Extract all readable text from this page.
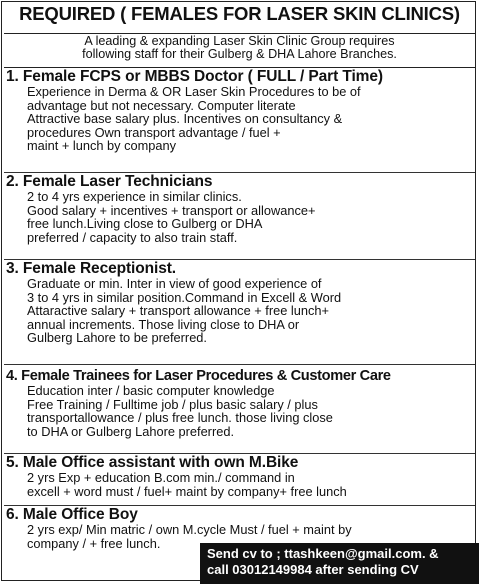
REQUIRED ( FEMALES FOR LASER SKIN CLINICS)
A leading & expanding Laser Skin Clinic Group requires
following staff for their Gulberg & DHA Lahore Branches.
1. Female FCPS or MBBS Doctor ( FULL / Part Time)
Experience in Derma & OR Laser Skin Procedures to be of
advantage but not necessary. Computer literate
Attractive base salary plus. Incentives on consultancy &
procedures Own transport advantage / fuel +
maint + lunch by company
2. Female Laser Technicians
2 to 4 yrs experience in similar clinics.
Good salary + incentives + transport or allowance+
free lunch.Living close to Gulberg or DHA
preferred / capacity to also train staff.
3. Female Receptionist.
Graduate or min. Inter in view of good experience of
3 to 4 yrs in similar position.Command in Excell & Word
Attaractive salary + transport allowance + free lunch+
annual increments. Those living close to DHA or
Gulberg Lahore to be preferred.
4. Female Trainees for Laser Procedures & Customer Care
Education inter / basic computer knowledge
Free Training / Fulltime job / plus basic salary / plus
transportallowance / plus free lunch. those living close
to DHA or Gulberg Lahore preferred.
5. Male Office assistant with own M.Bike
2 yrs Exp + education B.com min./ command in
excell + word must / fuel+ maint by company+ free lunch
6. Male Office Boy
2 yrs exp/ Min matric / own M.cycle Must / fuel + maint by
company / + free lunch.
Send cv to ; ttashkeen@gmail.com. &
call 03012149984 after sending CV
